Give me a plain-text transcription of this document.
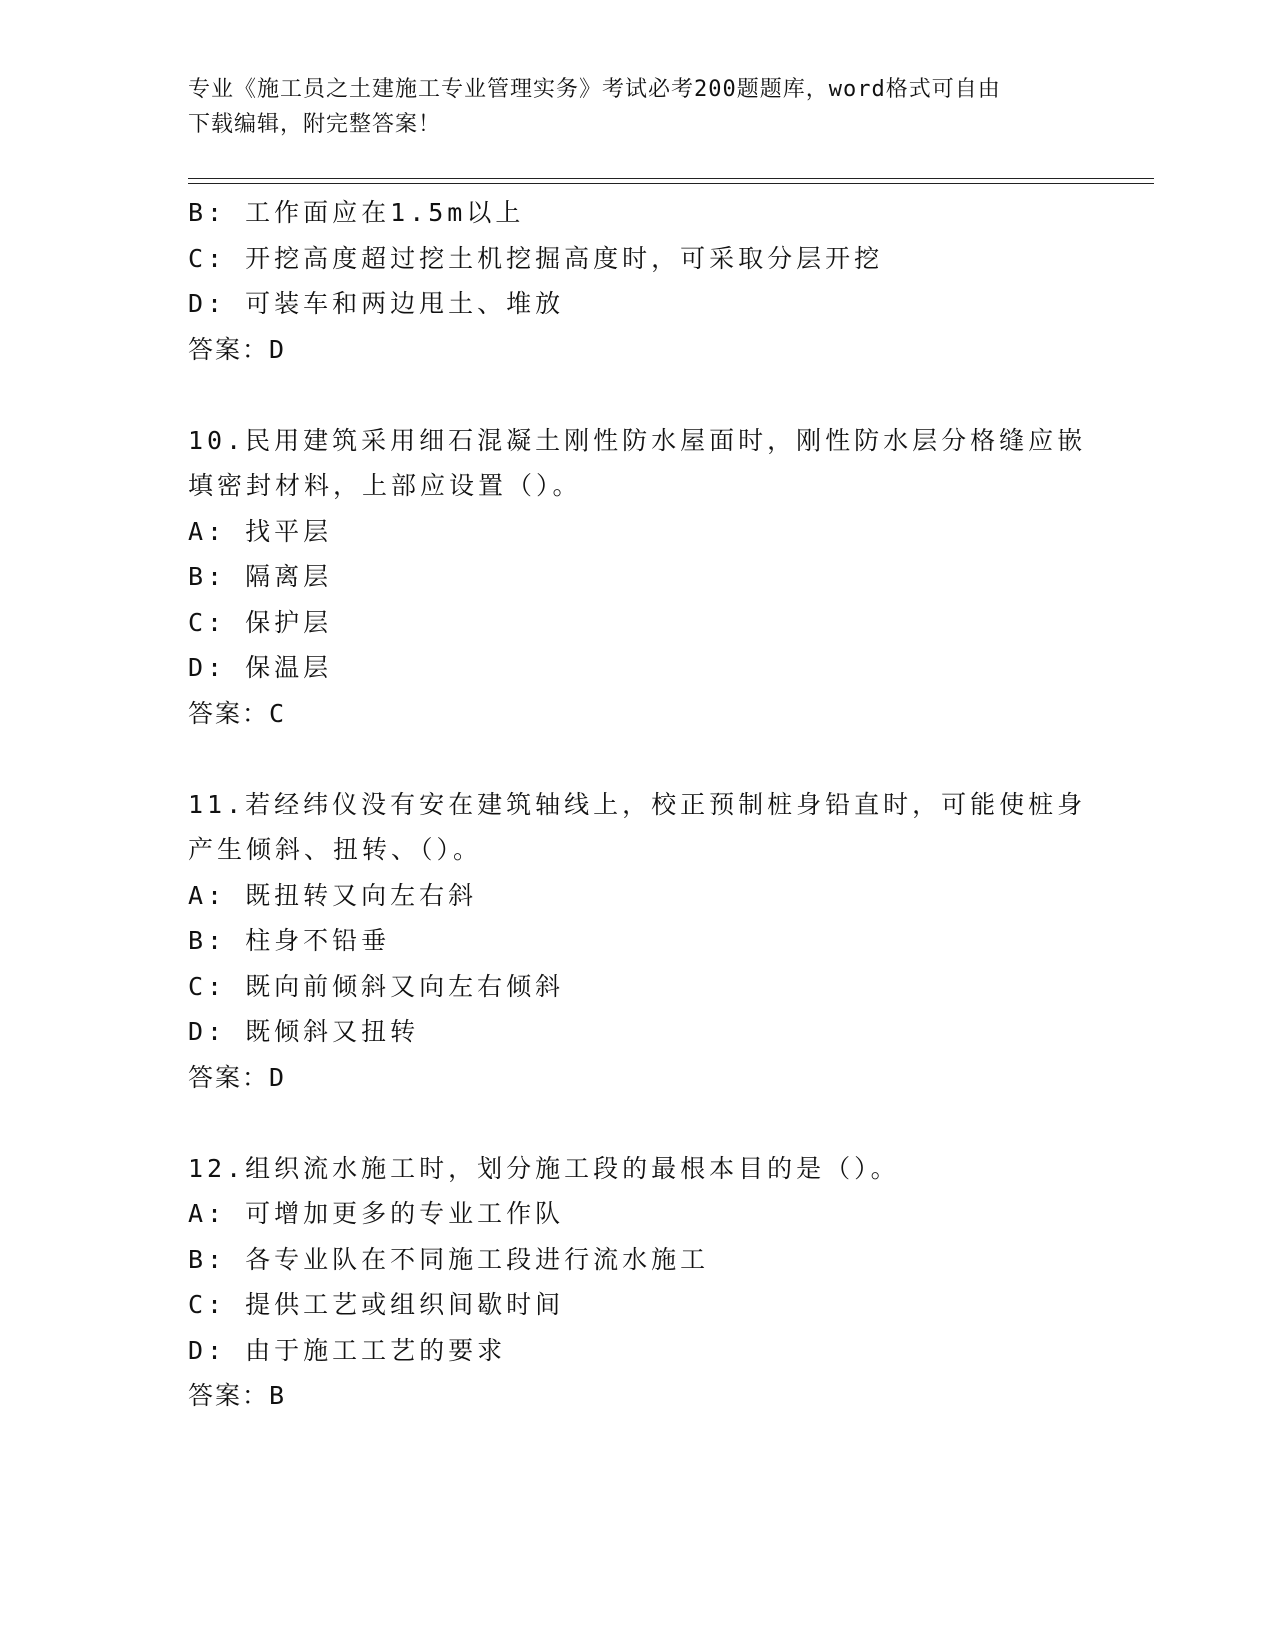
专业《施工员之土建施工专业管理实务》考试必考200题题库，word格式可自由
下载编辑，附完整答案！
B: 工作面应在1.5m以上
C: 开挖高度超过挖土机挖掘高度时，可采取分层开挖
D: 可装车和两边甩土、堆放
答案：D
10.民用建筑采用细石混凝土刚性防水屋面时，刚性防水层分格缝应嵌
填密封材料，上部应设置（）。
A: 找平层
B: 隔离层
C: 保护层
D: 保温层
答案：C
11.若经纬仪没有安在建筑轴线上，校正预制桩身铅直时，可能使桩身
产生倾斜、扭转、（）。
A: 既扭转又向左右斜
B: 柱身不铅垂
C: 既向前倾斜又向左右倾斜
D: 既倾斜又扭转
答案：D
12.组织流水施工时，划分施工段的最根本目的是（）。
A: 可增加更多的专业工作队
B: 各专业队在不同施工段进行流水施工
C: 提供工艺或组织间歇时间
D: 由于施工工艺的要求
答案：B
